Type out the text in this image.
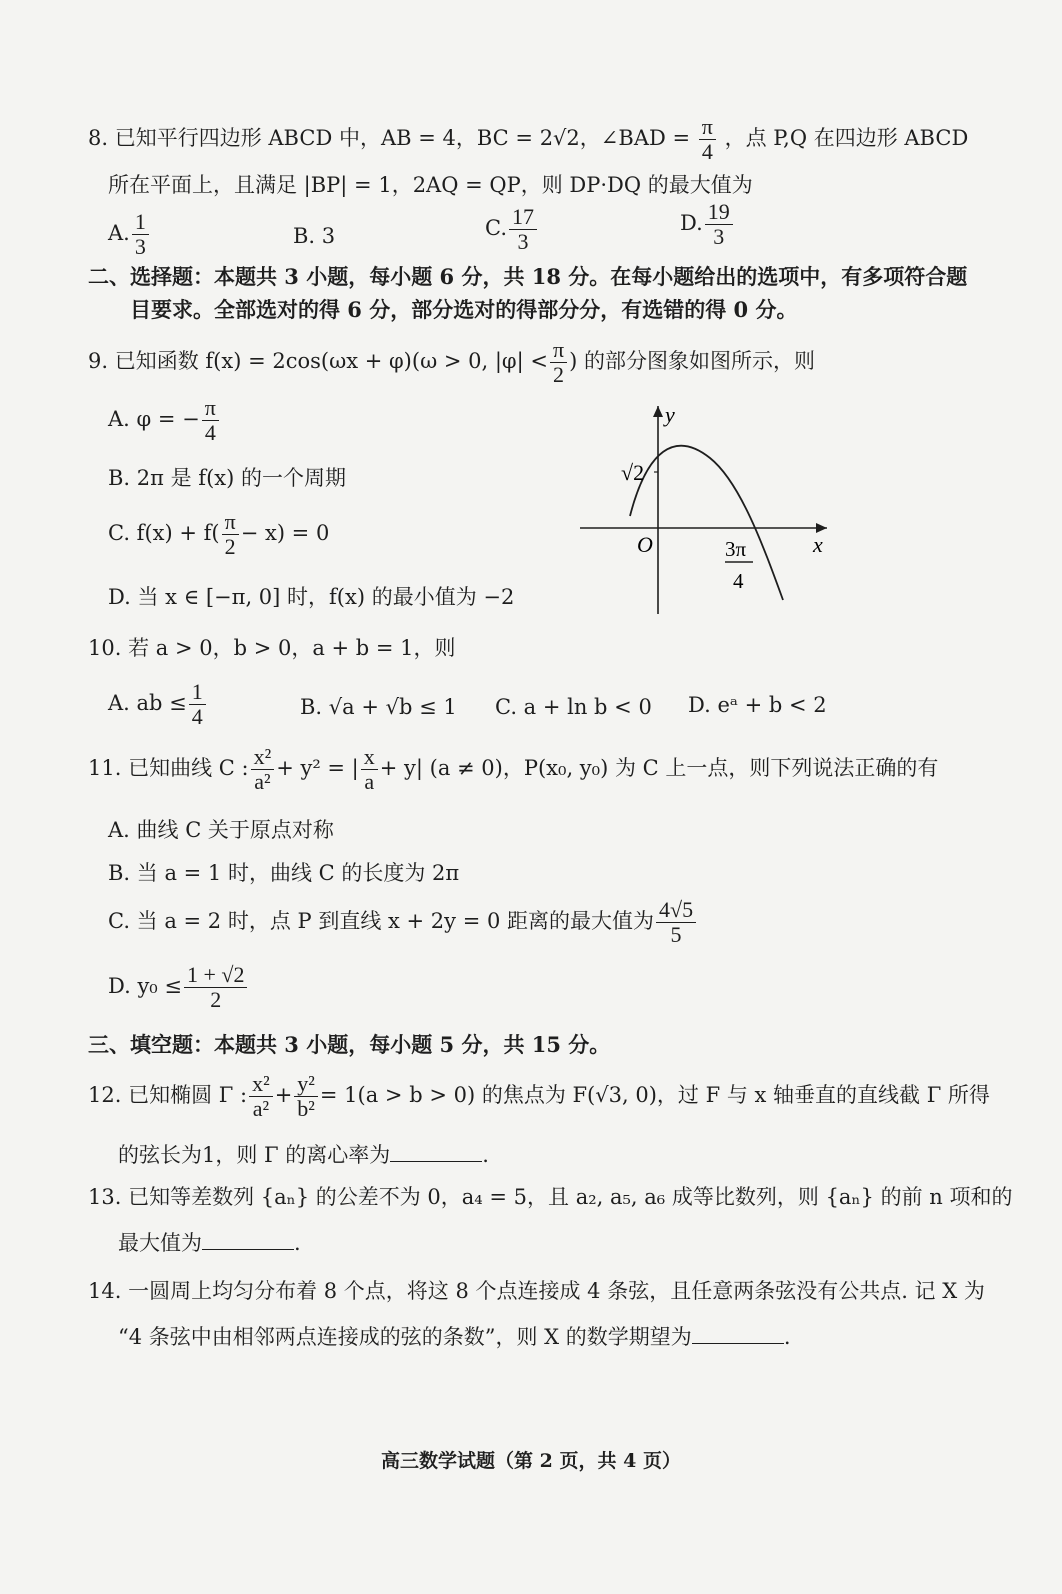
8. 已知平行四边形 ABCD 中，AB = 4，BC = 2√2，∠BAD = $\frac{\pi}{4}$ ，点 P,Q 在四边形 ABCD
所在平面上，且满足 |BP| = 1，2AQ = QP，则 DP·DQ 的最大值为
A. $\frac{1}{3}$	B. 3	C. $\frac{17}{3}$	D. $\frac{19}{3}$
二、选择题：本题共 3 小题，每小题 6 分，共 18 分。在每小题给出的选项中，有多项符合题
目要求。全部选对的得 6 分，部分选对的得部分分，有选错的得 0 分。
9. 已知函数 f(x) = 2cos(ωx + φ)(ω > 0, $|\varphi| < \frac{\pi}{2}$ ) 的部分图象如图所示，则
A. φ = − $\frac{\pi}{4}$
B. 2π 是 f(x) 的一个周期
C. $f(x) + f( \frac{\pi}{2} - x) = 0$
D. 当 x ∈ [−π, 0] 时，f(x) 的最小值为 −2
y
x
O
√2
3π
4
10. 若 a > 0，b > 0，a + b = 1，则
A. ab ≤ $\frac{1}{4}$	B. √a + √b ≤ 1 C. a + ln b < 0 D. eᵃ + b < 2
11. 已知曲线 C : $\frac{\text{x²}}{\text{a²}} + y^2$ = | $\frac{x}{a} + y|$ (a ≠ 0)，P(x₀, y₀) 为 C 上一点，则下列说法正确的有
A. 曲线 C 关于原点对称
B. 当 a = 1 时，曲线 C 的长度为 2π
C. 当 a = 2 时，点 P 到直线 x + 2y = 0 距离的最大值为 $\frac{4√5}{5}$
D. $y_0 \le \frac{1 + √2}{2}$
三、填空题：本题共 3 小题，每小题 5 分，共 15 分。
12. 已知椭圆 Γ : $\frac{\text{x²}}{\text{a²}} + \frac{\text{y²}}{\text{b²}} = 1(a > b > 0)$ 的焦点为 F(√3, 0)，过 F 与 x 轴垂直的直线截 Γ 所得
的弦长为1，则 Γ 的离心率为	.
13. 已知等差数列 {aₙ} 的公差不为 0，a₄ = 5，且 a₂, a₅, a₆ 成等比数列，则 {aₙ} 的前 n 项和的
最大值为	.
14. 一圆周上均匀分布着 8 个点，将这 8 个点连接成 4 条弦，且任意两条弦没有公共点. 记 X 为
“4 条弦中由相邻两点连接成的弦的条数”，则 X 的数学期望为	.
高三数学试题（第 2 页，共 4 页）
